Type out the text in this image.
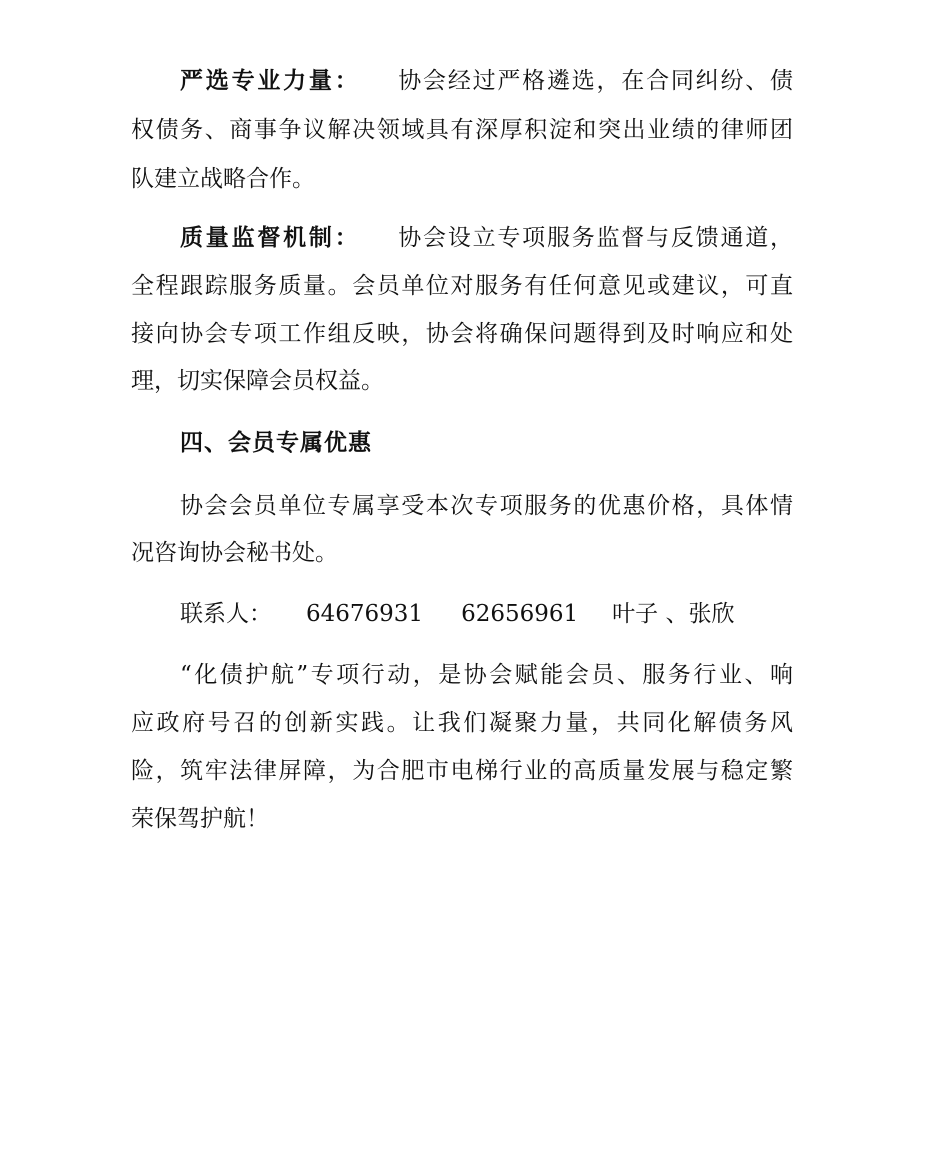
严选专业力量： 协会经过严格遴选，在合同纠纷、债
权债务、商事争议解决领域具有深厚积淀和突出业绩的律师团
队建立战略合作。
质量监督机制： 协会设立专项服务监督与反馈通道，
全程跟踪服务质量。会员单位对服务有任何意见或建议，可直
接向协会专项工作组反映，协会将确保问题得到及时响应和处
理，切实保障会员权益。
四、会员专属优惠
协会会员单位专属享受本次专项服务的优惠价格，具体情
况咨询协会秘书处。
联系人： 64676931 62656961 叶子 、张欣
“化债护航”专项行动，是协会赋能会员、服务行业、响
应政府号召的创新实践。让我们凝聚力量，共同化解债务风
险，筑牢法律屏障，为合肥市电梯行业的高质量发展与稳定繁
荣保驾护航！
